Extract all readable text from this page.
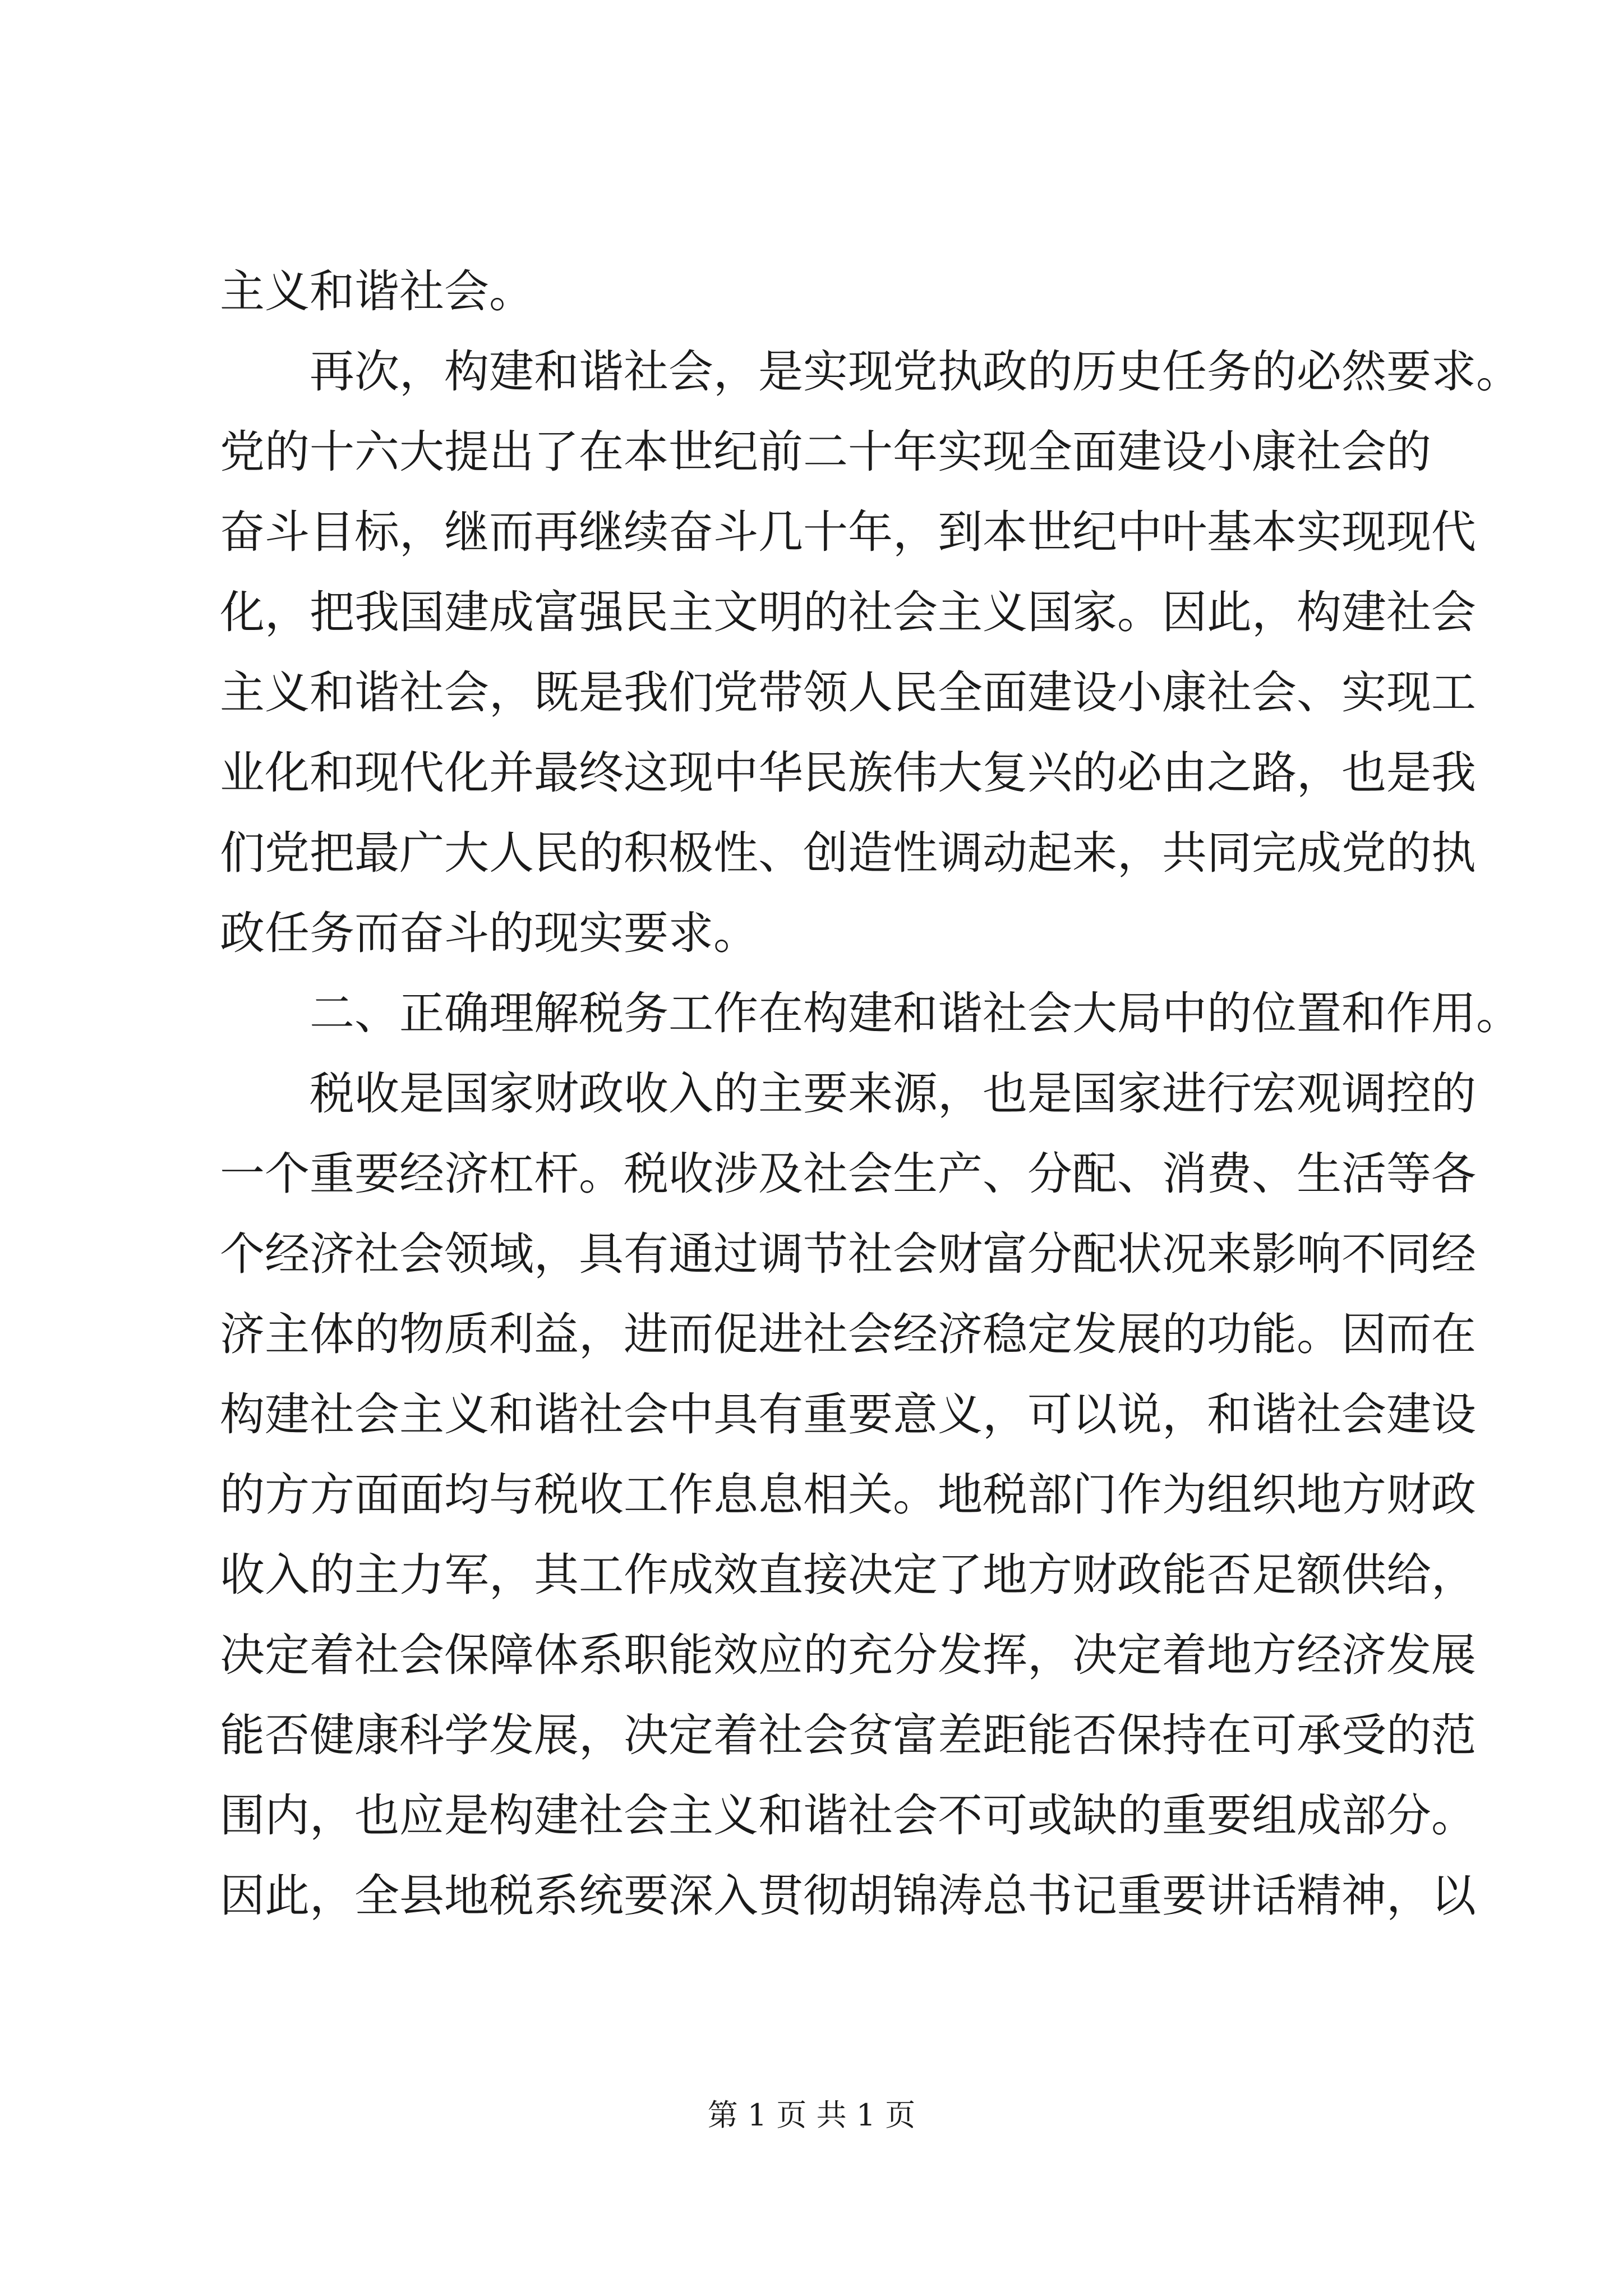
主义和谐社会。
再次，构建和谐社会，是实现党执政的历史任务的必然要求。
党的十六大提出了在本世纪前二十年实现全面建设小康社会的
奋斗目标，继而再继续奋斗几十年，到本世纪中叶基本实现现代
化，把我国建成富强民主文明的社会主义国家。因此，构建社会
主义和谐社会，既是我们党带领人民全面建设小康社会、实现工
业化和现代化并最终这现中华民族伟大复兴的必由之路，也是我
们党把最广大人民的积极性、创造性调动起来，共同完成党的执
政任务而奋斗的现实要求。
二、正确理解税务工作在构建和谐社会大局中的位置和作用。
税收是国家财政收入的主要来源，也是国家进行宏观调控的
一个重要经济杠杆。税收涉及社会生产、分配、消费、生活等各
个经济社会领域，具有通过调节社会财富分配状况来影响不同经
济主体的物质利益，进而促进社会经济稳定发展的功能。因而在
构建社会主义和谐社会中具有重要意义，可以说，和谐社会建设
的方方面面均与税收工作息息相关。地税部门作为组织地方财政
收入的主力军，其工作成效直接决定了地方财政能否足额供给，
决定着社会保障体系职能效应的充分发挥，决定着地方经济发展
能否健康科学发展，决定着社会贫富差距能否保持在可承受的范
围内，也应是构建社会主义和谐社会不可或缺的重要组成部分。
因此，全县地税系统要深入贯彻胡锦涛总书记重要讲话精神，以
第 1 页 共 1 页
